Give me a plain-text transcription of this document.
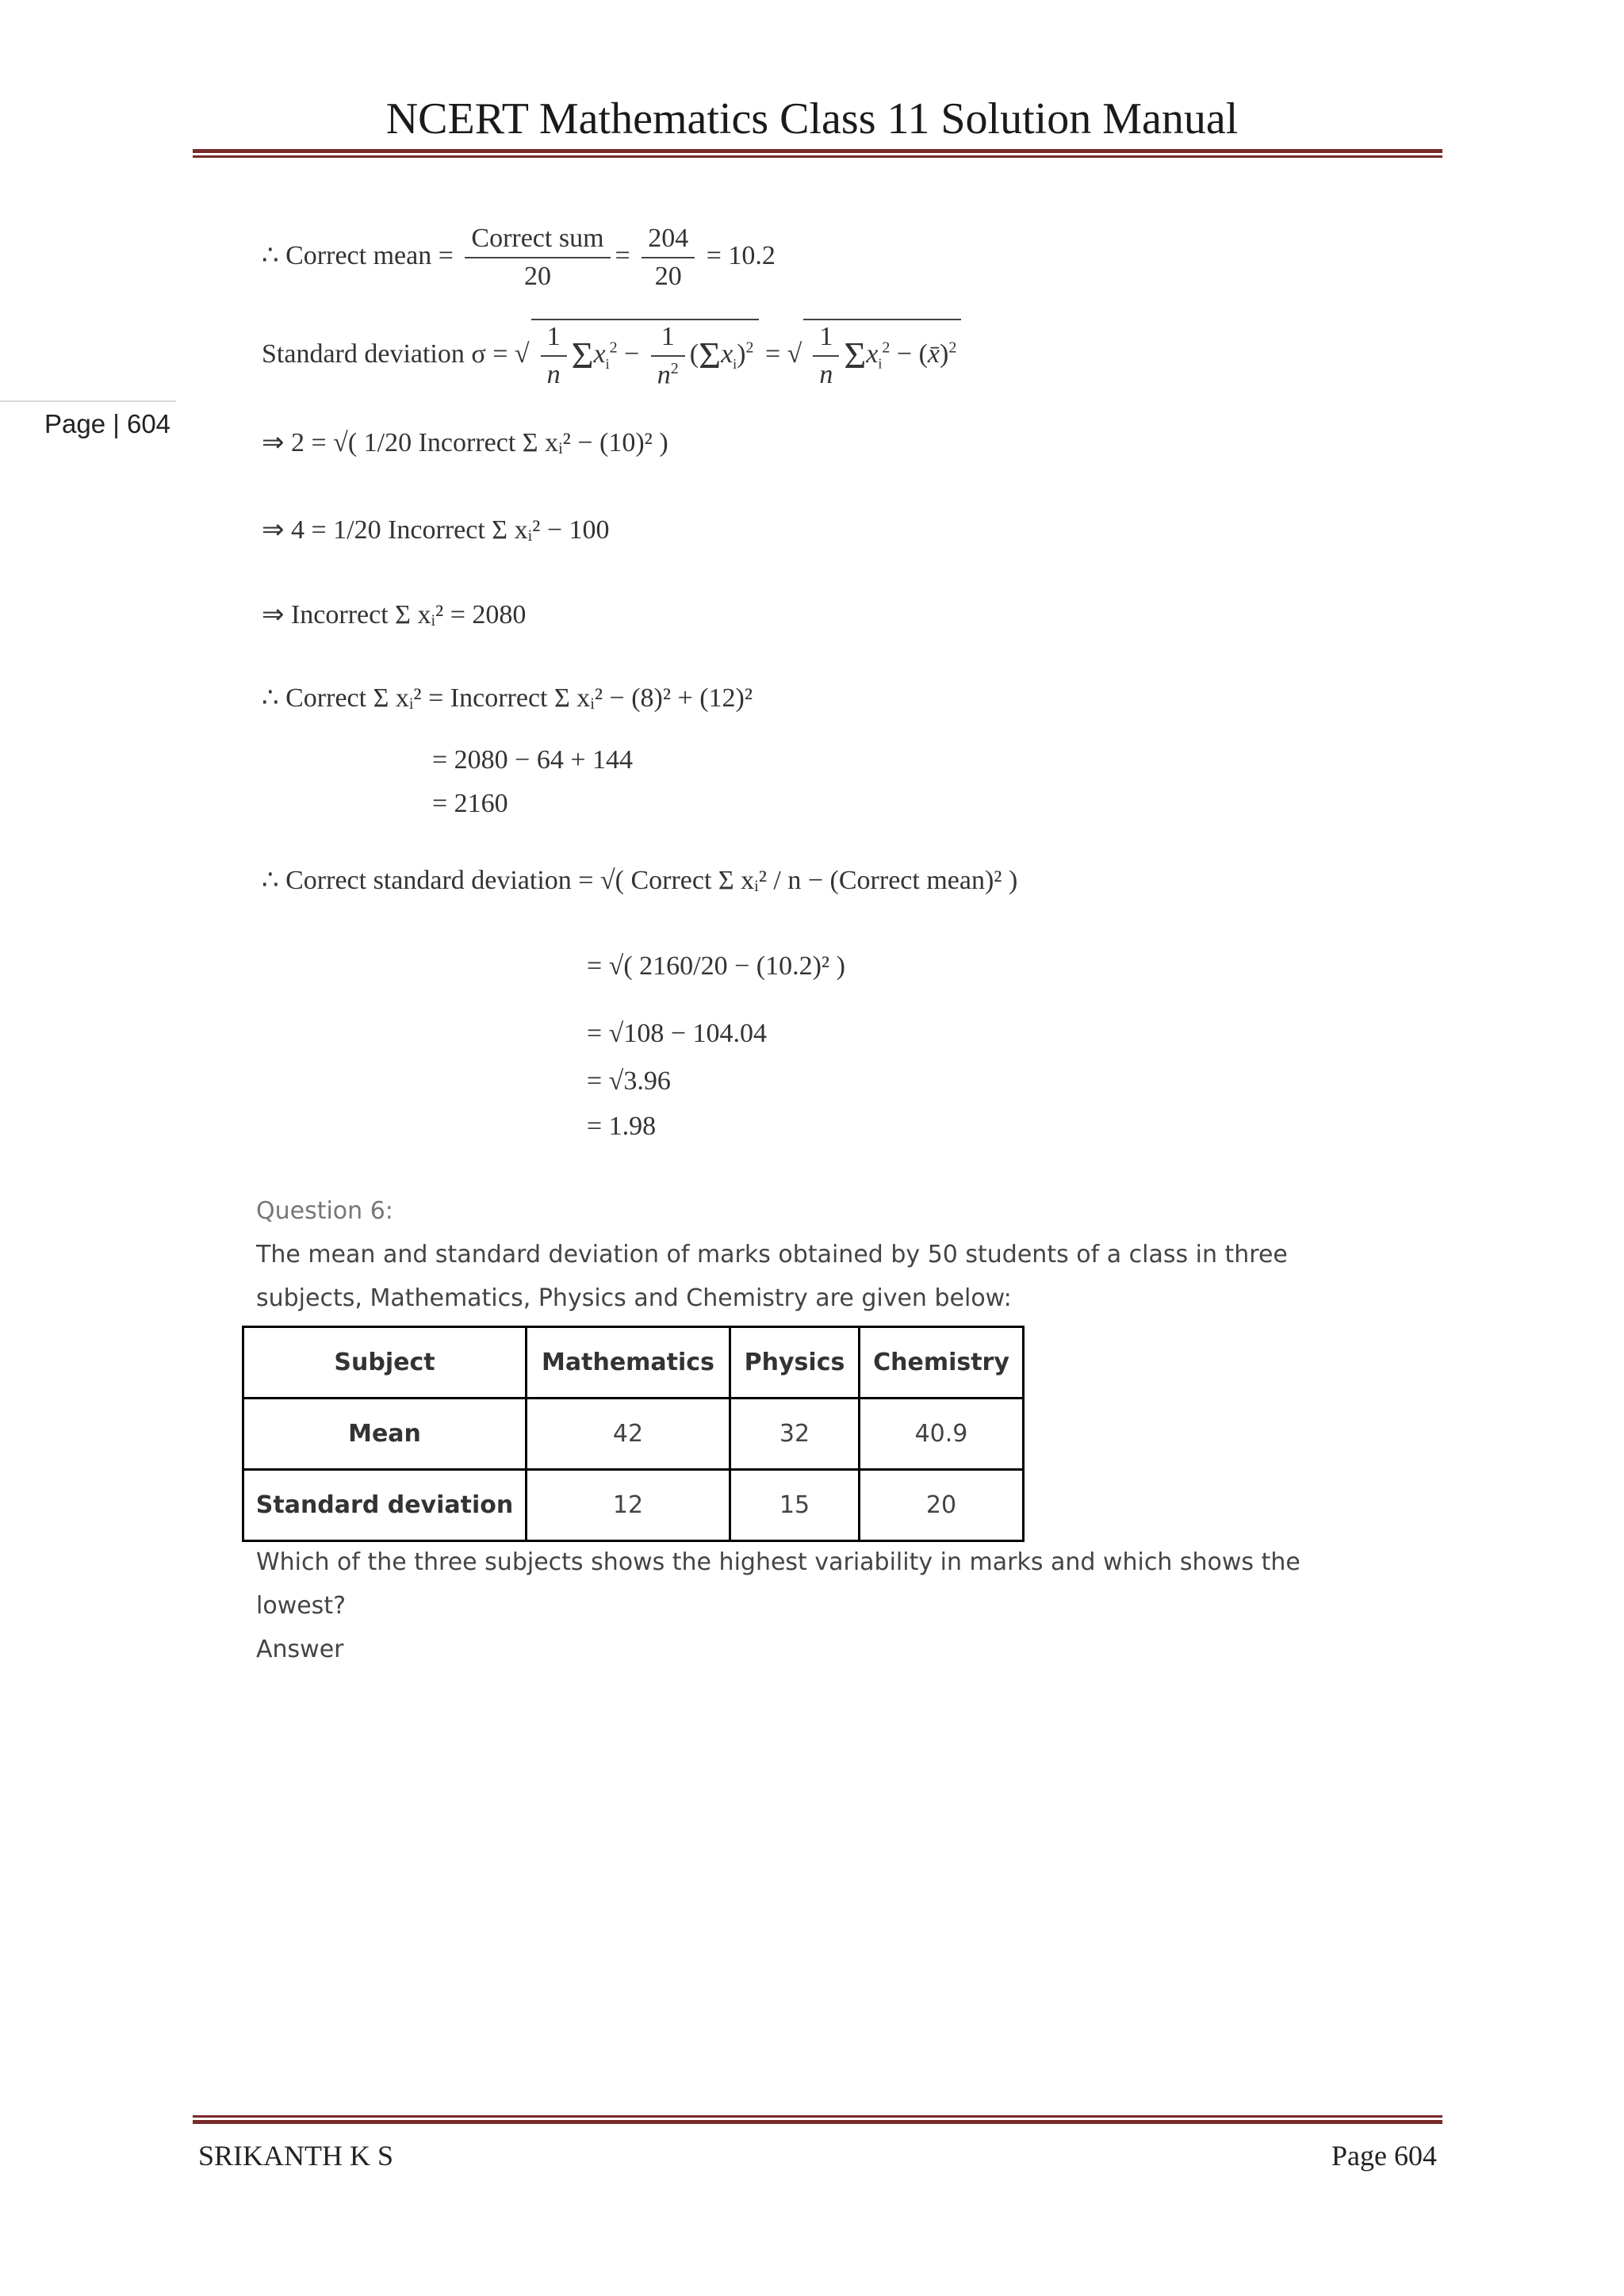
NCERT Mathematics Class 11 Solution Manual
Page | 604
∴ Correct mean = $\frac{\text{Correct sum}}{20} = \frac{204}{20} = 10.2$
Standard deviation σ = √ $\frac{1}{n} \Sigma x_i^2 - \frac{1}{n^2} (\Sigma x_i)^2$ = √ $\frac{1}{n} \Sigma x_i^2$ − (x̄)$^2$
⇒ 2 = √( 1/20 Incorrect Σ xᵢ² − (10)² )
⇒ 4 = 1/20 Incorrect Σ xᵢ² − 100
⇒ Incorrect Σ xᵢ² = 2080
∴ Correct Σ xᵢ² = Incorrect Σ xᵢ² − (8)² + (12)²
= 2080 − 64 + 144
= 2160
∴ Correct standard deviation = √( Correct Σ xᵢ² / n − (Correct mean)² )
= √( 2160/20 − (10.2)² )
= √108 − 104.04
= √3.96
= 1.98
Question 6:
The mean and standard deviation of marks obtained by 50 students of a class in three
subjects, Mathematics, Physics and Chemistry are given below:
Subject	Mathematics	Physics	Chemistry
Mean	42	32	40.9
Standard deviation	12	15	20
Which of the three subjects shows the highest variability in marks and which shows the
lowest?
Answer
SRIKANTH K S	Page 604
